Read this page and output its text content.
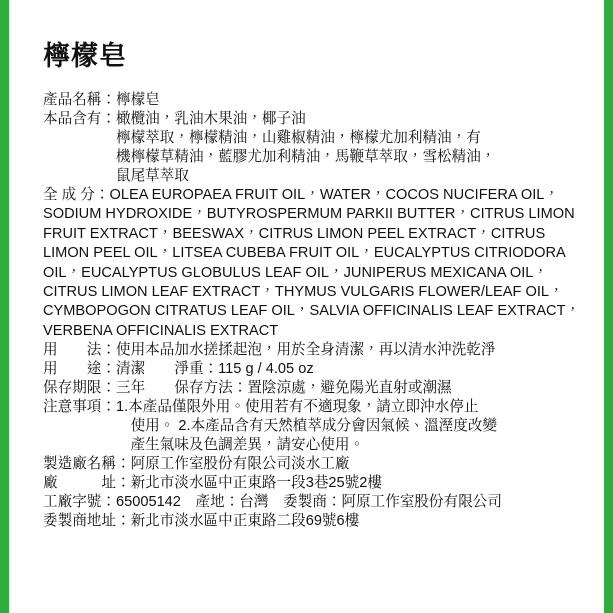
檸檬皂
產品名稱： 檸檬皂
本品含有： 橄欖油，乳油木果油，椰子油
檸檬萃取，檸檬精油，山雞椒精油，檸檬尤加利精油，有
機檸檬草精油，藍膠尤加利精油，馬鞭草萃取，雪松精油，
鼠尾草萃取
全 成 分：OLEA EUROPAEA FRUIT OIL，WATER，COCOS NUCIFERA OIL，SODIUM HYDROXIDE，BUTYROSPERMUM PARKII BUTTER，CITRUS LIMON FRUIT EXTRACT，BEESWAX，CITRUS LIMON PEEL EXTRACT，CITRUS LIMON PEEL OIL，LITSEA CUBEBA FRUIT OIL，EUCALYPTUS CITRIODORA OIL，EUCALYPTUS GLOBULUS LEAF OIL，JUNIPERUS MEXICANA OIL，CITRUS LIMON LEAF EXTRACT，THYMUS VULGARIS FLOWER/LEAF OIL，CYMBOPOGON CITRATUS LEAF OIL，SALVIA OFFICINALIS LEAF EXTRACT，VERBENA OFFICINALIS EXTRACT
用　　法： 使用本品加水搓揉起泡，用於全身清潔，再以清水沖洗乾淨
用　　途： 清潔　　淨重：115 g / 4.05 oz
保存期限： 三年　　保存方法：置陰涼處，避免陽光直射或潮濕
注意事項： 1.本產品僅限外用。使用若有不適現象，請立即沖水停止
　使用。 2.本產品含有天然植萃成分會因氣候、溫溼度改變
　產生氣味及色調差異，請安心使用。
製造廠名稱： 阿原工作室股份有限公司淡水工廠
廠　　　址： 新北市淡水區中正東路一段3巷25號2樓
工廠字號： 65005142　產地：台灣　委製商：阿原工作室股份有限公司
委製商地址： 新北市淡水區中正東路二段69號6樓
